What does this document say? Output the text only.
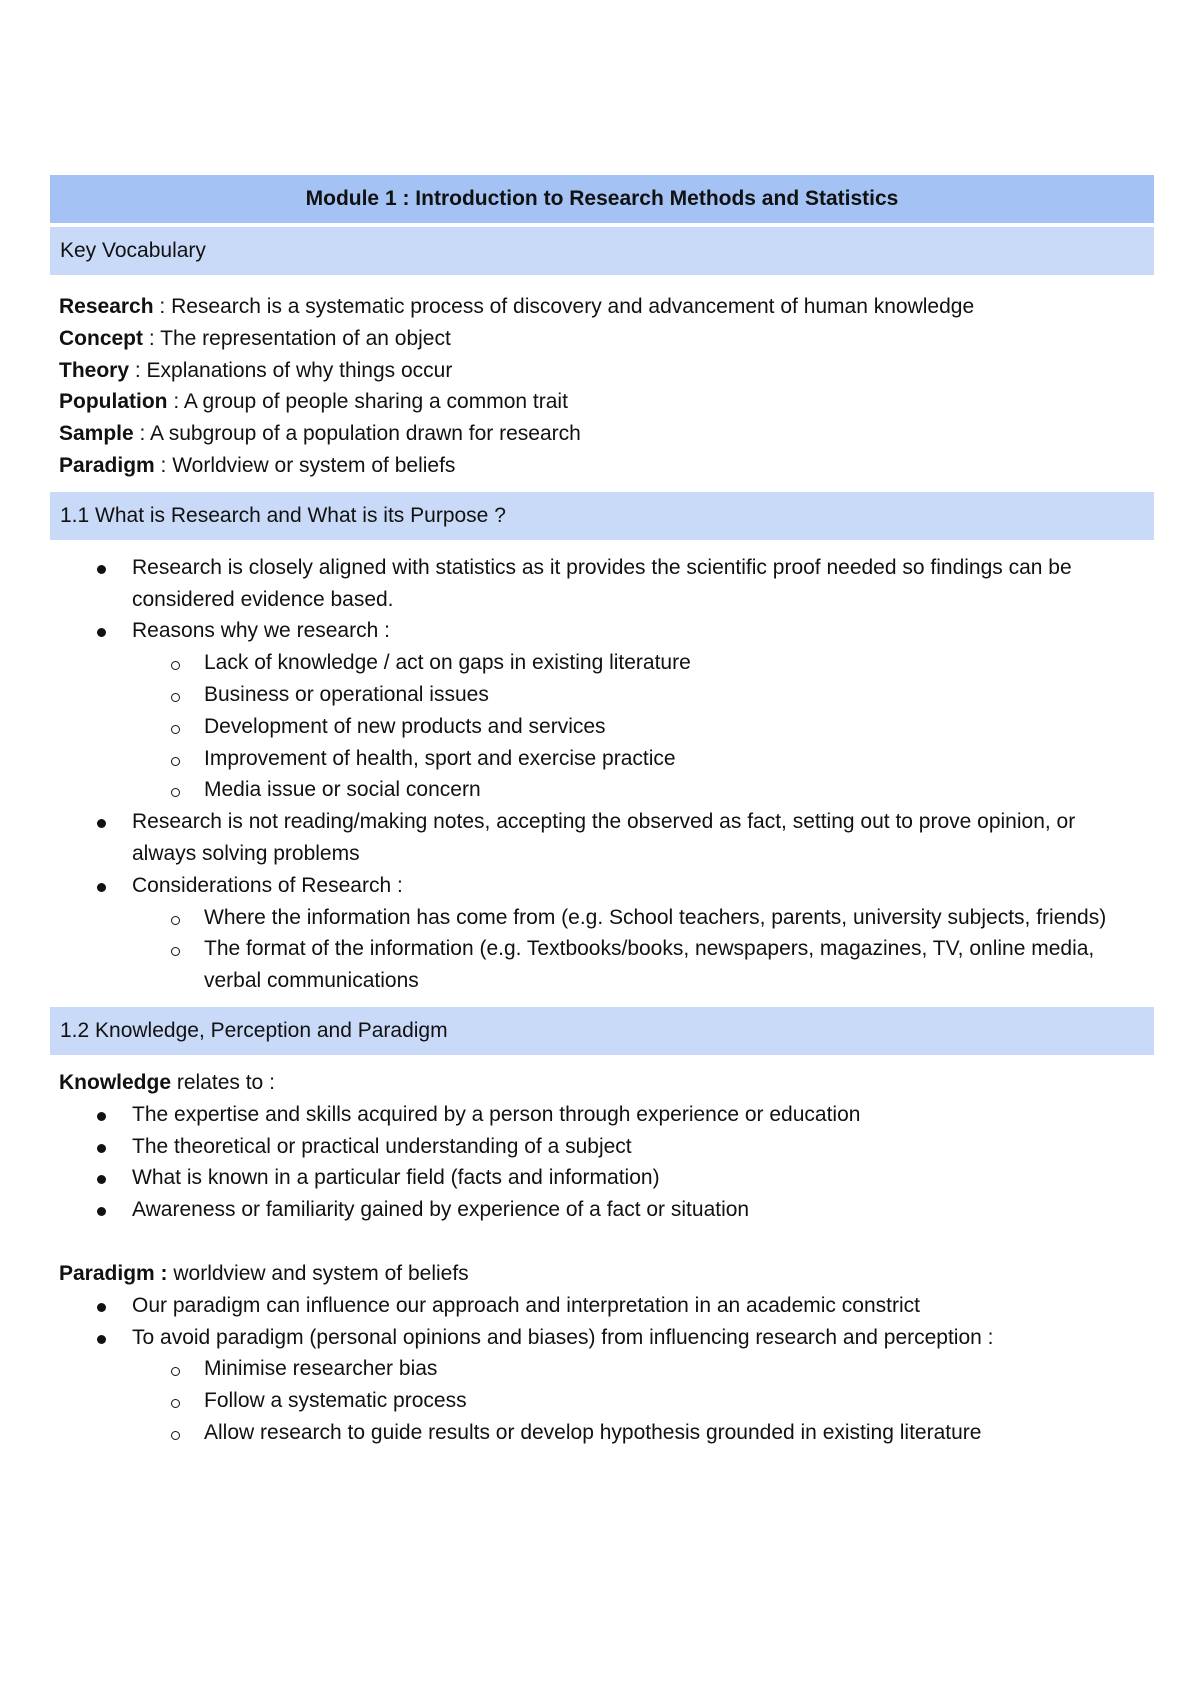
Module 1 : Introduction to Research Methods and Statistics
Key Vocabulary
Research : Research is a systematic process of discovery and advancement of human knowledge
Concept : The representation of an object
Theory : Explanations of why things occur
Population : A group of people sharing a common trait
Sample : A subgroup of a population drawn for research
Paradigm : Worldview or system of beliefs
1.1 What is Research and What is its Purpose ?
Research is closely aligned with statistics as it provides the scientific proof needed so findings can be considered evidence based.
Reasons why we research :
Lack of knowledge / act on gaps in existing literature
Business or operational issues
Development of new products and services
Improvement of health, sport and exercise practice
Media issue or social concern
Research is not reading/making notes, accepting the observed as fact, setting out to prove opinion, or always solving problems
Considerations of Research :
Where the information has come from (e.g. School teachers, parents, university subjects, friends)
The format of the information (e.g. Textbooks/books, newspapers, magazines, TV, online media, verbal communications
1.2 Knowledge, Perception and Paradigm
Knowledge relates to :
The expertise and skills acquired by a person through experience or education
The theoretical or practical understanding of a subject
What is known in a particular field (facts and information)
Awareness or familiarity gained by experience of a fact or situation
Paradigm : worldview and system of beliefs
Our paradigm can influence our approach and interpretation in an academic constrict
To avoid paradigm (personal opinions and biases) from influencing research and perception :
Minimise researcher bias
Follow a systematic process
Allow research to guide results or develop hypothesis grounded in existing literature
